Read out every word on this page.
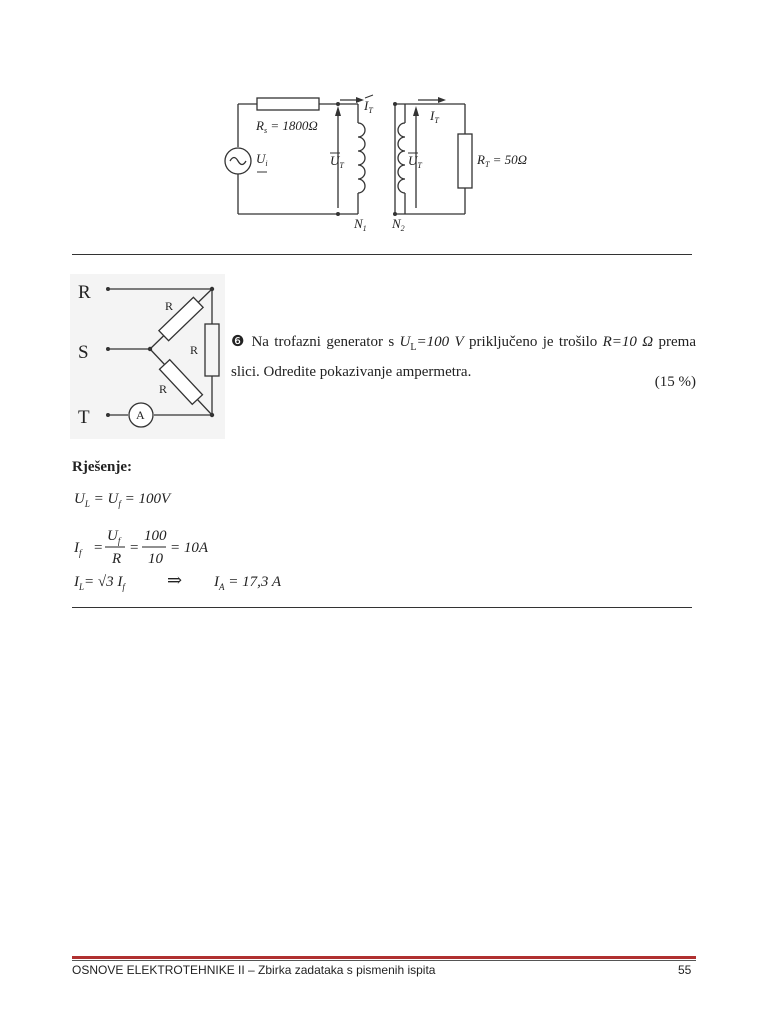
$R_s = 1800\Omega$
$U_i$
$I_T$
$U_T$	$U_T$
$I_T$
$R_T = 50\Omega$
$N_1$ $N_2$
R
S
T
R
R
R
A
❻ Na trofazni generator s $U_L=100$ V priključeno je trošilo R=10 Ω prema slici. Odredite pokazivanje ampermetra.
(15 %)
Rješenje:
$U_L = U_f = 100V$
$I_f$ =
$U_f$
R
=
100
10
= 10A
$I_L= √3$ $I_f$ ⇒ $I_A = 17,3$ A
OSNOVE ELEKTROTEHNIKE II – Zbirka zadataka s pismenih ispita	55
